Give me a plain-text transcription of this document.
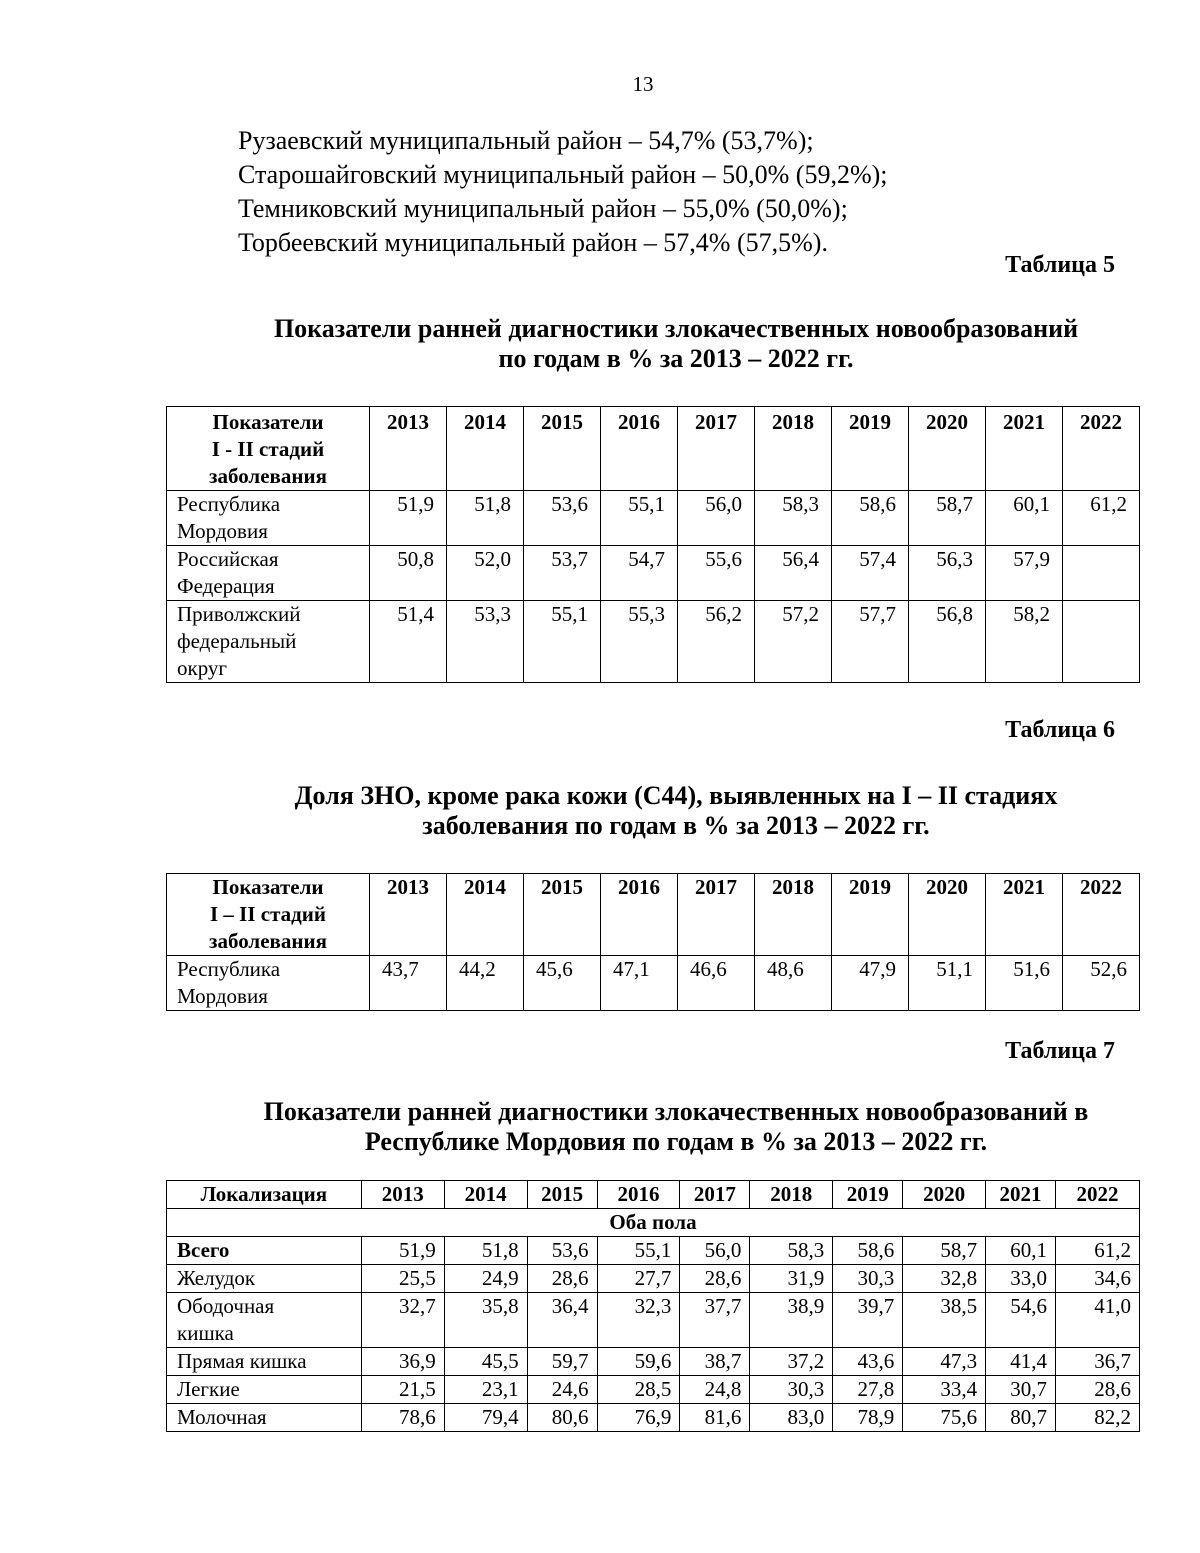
13
Рузаевский муниципальный район – 54,7% (53,7%);
Старошайговский муниципальный район – 50,0% (59,2%);
Темниковский муниципальный район – 55,0% (50,0%);
Торбеевский муниципальный район – 57,4% (57,5%).
Таблица 5
Показатели ранней диагностики злокачественных новообразований
по годам в % за 2013 – 2022 гг.
Показатели
I - II стадий
заболевания	2013	2014	2015	2016	2017	2018	2019	2020	2021	2022

Республика
Мордовия	51,9	51,8	53,6	55,1	56,0	58,3	58,6	58,7	60,1	61,2

Российская
Федерация	50,8	52,0	53,7	54,7	55,6	56,4	57,4	56,3	57,9	

Приволжский
федеральный
округ	51,4	53,3	55,1	55,3	56,2	57,2	57,7	56,8	58,2	
Таблица 6
Доля ЗНО, кроме рака кожи (С44), выявленных на I – II стадиях
заболевания по годам в % за 2013 – 2022 гг.
Показатели
I – II стадий
заболевания	2013	2014	2015	2016	2017	2018	2019	2020	2021	2022

Республика
Мордовия	43,7	44,2	45,6	47,1	46,6	48,6	47,9	51,1	51,6	52,6
Таблица 7
Показатели ранней диагностики злокачественных новообразований в
Республике Мордовия по годам в % за 2013 – 2022 гг.
Локализация	2013	2014	2015	2016	2017	2018	2019	2020	2021	2022
Оба пола										

Всего	51,9	51,8	53,6	55,1	56,0	58,3	58,6	58,7	60,1	61,2

Желудок	25,5	24,9	28,6	27,7	28,6	31,9	30,3	32,8	33,0	34,6

Ободочная
кишка	32,7	35,8	36,4	32,3	37,7	38,9	39,7	38,5	54,6	41,0

Прямая кишка	36,9	45,5	59,7	59,6	38,7	37,2	43,6	47,3	41,4	36,7

Легкие	21,5	23,1	24,6	28,5	24,8	30,3	27,8	33,4	30,7	28,6

Молочная	78,6	79,4	80,6	76,9	81,6	83,0	78,9	75,6	80,7	82,2
